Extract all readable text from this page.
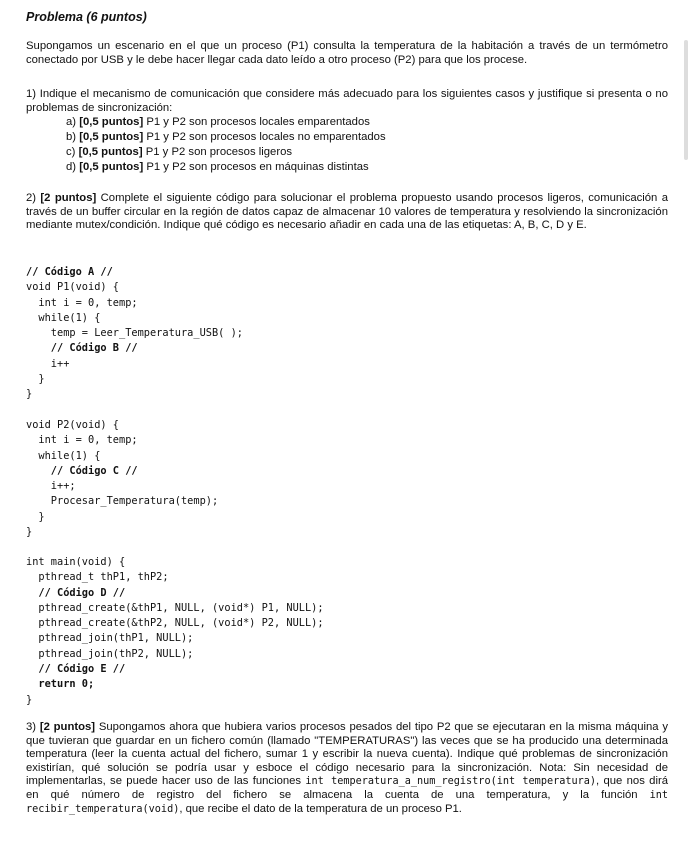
Problema (6 puntos)
Supongamos un escenario en el que un proceso (P1) consulta la temperatura de la habitación a través de un termómetro conectado por USB y le debe hacer llegar cada dato leído a otro proceso (P2) para que los procese.
1) Indique el mecanismo de comunicación que considere más adecuado para los siguientes casos y justifique si presenta o no problemas de sincronización:
a) [0,5 puntos] P1 y P2 son procesos locales emparentados
b) [0,5 puntos] P1 y P2 son procesos locales no emparentados
c) [0,5 puntos] P1 y P2 son procesos ligeros
d) [0,5 puntos] P1 y P2 son procesos en máquinas distintas
2) [2 puntos] Complete el siguiente código para solucionar el problema propuesto usando procesos ligeros, comunicación a través de un buffer circular en la región de datos capaz de almacenar 10 valores de temperatura y resolviendo la sincronización mediante mutex/condición. Indique qué código es necesario añadir en cada una de las etiquetas: A, B, C, D y E.
// Código A //
void P1(void) {
int i = 0, temp;
while(1) {
temp = Leer_Temperatura_USB( );
// Código B //
i++
}
}
void P2(void) {
int i = 0, temp;
while(1) {
// Código C //
i++;
Procesar_Temperatura(temp);
}
}
int main(void) {
pthread_t thP1, thP2;
// Código D //
pthread_create(&thP1, NULL, (void*) P1, NULL);
pthread_create(&thP2, NULL, (void*) P2, NULL);
pthread_join(thP1, NULL);
pthread_join(thP2, NULL);
// Código E //
return 0;
}
3) [2 puntos] Supongamos ahora que hubiera varios procesos pesados del tipo P2 que se ejecutaran en la misma máquina y que tuvieran que guardar en un fichero común (llamado "TEMPERATURAS") las veces que se ha producido una determinada temperatura (leer la cuenta actual del fichero, sumar 1 y escribir la nueva cuenta). Indique qué problemas de sincronización existirían, qué solución se podría usar y esboce el código necesario para la sincronización. Nota: Sin necesidad de implementarlas, se puede hacer uso de las funciones int temperatura_a_num_registro(int temperatura), que nos dirá en qué número de registro del fichero se almacena la cuenta de una temperatura, y la función int recibir_temperatura(void), que recibe el dato de la temperatura de un proceso P1.
